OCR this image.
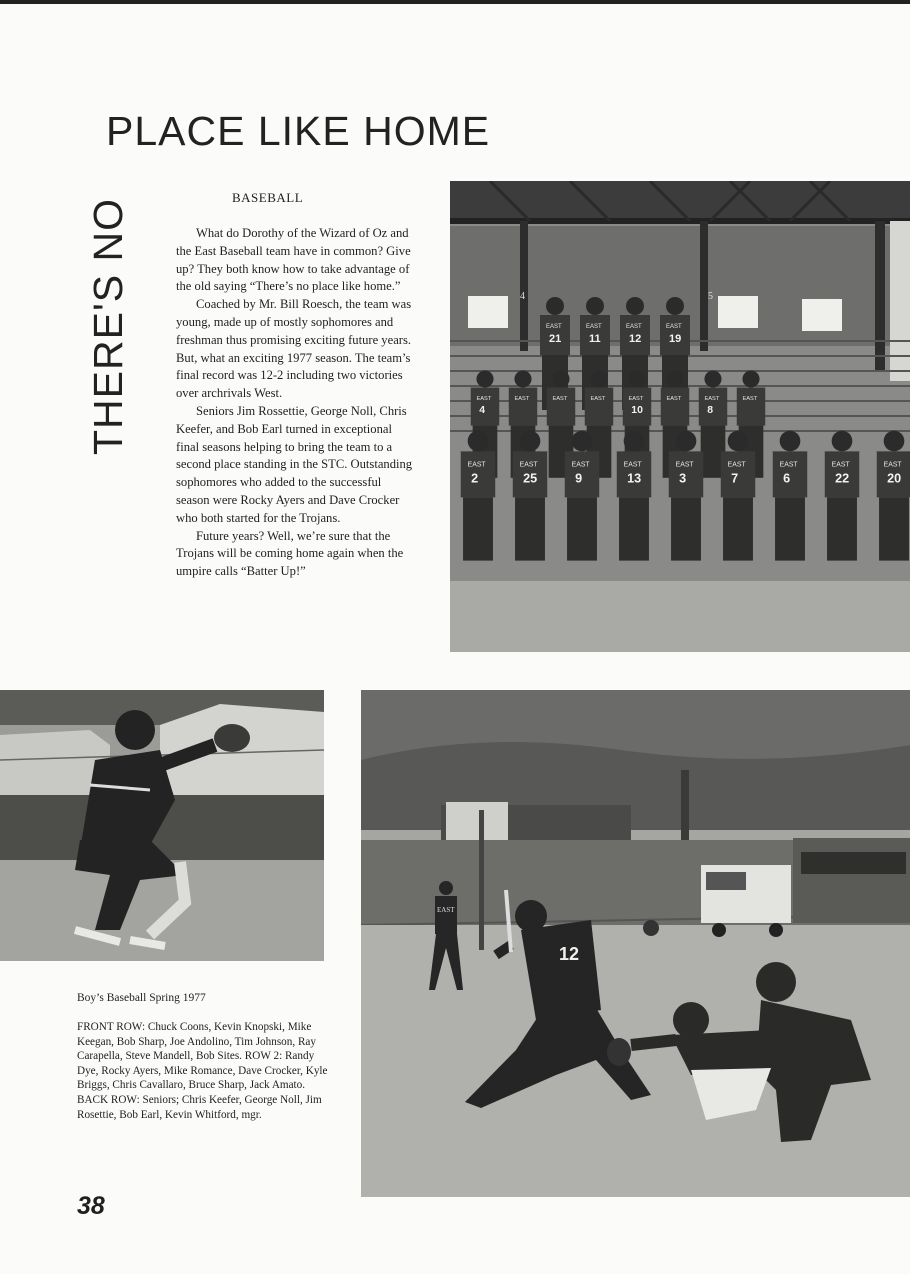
PLACE LIKE HOME
THERE'S NO
BASEBALL

What do Dorothy of the Wizard of Oz and the East Baseball team have in common? Give up? They both know how to take advantage of the old saying “There’s no place like home.”

Coached by Mr. Bill Roesch, the team was young, made up of mostly sophomores and freshman thus promising exciting future years. But, what an exciting 1977 season. The team’s final record was 12-2 including two victories over archrivals West.

Seniors Jim Rossettie, George Noll, Chris Keefer, and Bob Earl turned in exceptional final seasons helping to bring the team to a second place standing in the STC. Outstanding sophomores who added to the successful season were Rocky Ayers and Dave Crocker who both started for the Trojans.

Future years? Well, we’re sure that the Trojans will be coming home again when the umpire calls “Batter Up!”

4	5
EAST
21
EAST
11
EAST
12
EAST
19
EAST
4
EAST	EAST	EAST	EAST
10
EAST	EAST
8
EAST
EAST
2
EAST
25
EAST
9
EAST
13
EAST
3
EAST
7
EAST
6
EAST
22
EAST
20
EAST
12
Boy’s Baseball Spring 1977
FRONT ROW: Chuck Coons, Kevin Knopski, Mike Keegan, Bob Sharp, Joe Andolino, Tim Johnson, Ray Carapella, Steve Mandell, Bob Sites. ROW 2: Randy Dye, Rocky Ayers, Mike Romance, Dave Crocker, Kyle Briggs, Chris Cavallaro, Bruce Sharp, Jack Amato. BACK ROW: Seniors; Chris Keefer, George Noll, Jim Rosettie, Bob Earl, Kevin Whitford, mgr.
38
